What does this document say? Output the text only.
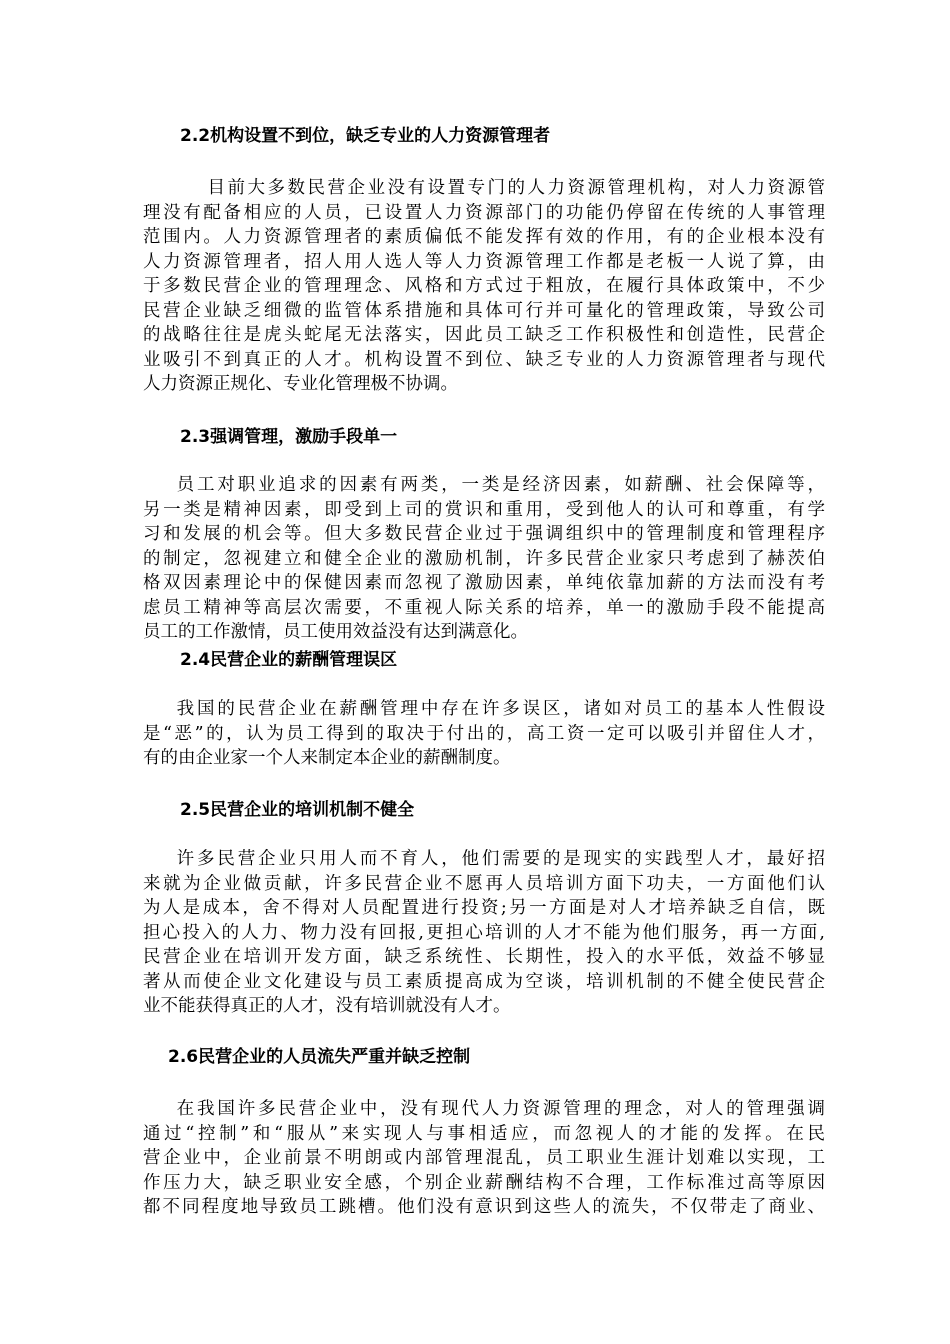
2.2机构设置不到位，缺乏专业的人力资源管理者
目前大多数民营企业没有设置专门的人力资源管理机构，对人力资源管
理没有配备相应的人员，已设置人力资源部门的功能仍停留在传统的人事管理
范围内。人力资源管理者的素质偏低不能发挥有效的作用，有的企业根本没有
人力资源管理者，招人用人选人等人力资源管理工作都是老板一人说了算，由
于多数民营企业的管理理念、风格和方式过于粗放，在履行具体政策中，不少
民营企业缺乏细微的监管体系措施和具体可行并可量化的管理政策，导致公司
的战略往往是虎头蛇尾无法落实，因此员工缺乏工作积极性和创造性，民营企
业吸引不到真正的人才。机构设置不到位、缺乏专业的人力资源管理者与现代
人力资源正规化、专业化管理极不协调。
2.3强调管理，激励手段单一
员工对职业追求的因素有两类，一类是经济因素，如薪酬、社会保障等，
另一类是精神因素，即受到上司的赏识和重用，受到他人的认可和尊重，有学
习和发展的机会等。但大多数民营企业过于强调组织中的管理制度和管理程序
的制定，忽视建立和健全企业的激励机制，许多民营企业家只考虑到了赫茨伯
格双因素理论中的保健因素而忽视了激励因素，单纯依靠加薪的方法而没有考
虑员工精神等高层次需要，不重视人际关系的培养，单一的激励手段不能提高
员工的工作激情，员工使用效益没有达到满意化。
2.4民营企业的薪酬管理误区
我国的民营企业在薪酬管理中存在许多误区，诸如对员工的基本人性假设
是“恶”的，认为员工得到的取决于付出的，高工资一定可以吸引并留住人才，
有的由企业家一个人来制定本企业的薪酬制度。
2.5民营企业的培训机制不健全
许多民营企业只用人而不育人，他们需要的是现实的实践型人才，最好招
来就为企业做贡献，许多民营企业不愿再人员培训方面下功夫，一方面他们认
为人是成本，舍不得对人员配置进行投资;另一方面是对人才培养缺乏自信，既
担心投入的人力、物力没有回报,更担心培训的人才不能为他们服务，再一方面,
民营企业在培训开发方面，缺乏系统性、长期性，投入的水平低，效益不够显
著从而使企业文化建设与员工素质提高成为空谈，培训机制的不健全使民营企
业不能获得真正的人才，没有培训就没有人才。
2.6民营企业的人员流失严重并缺乏控制
在我国许多民营企业中，没有现代人力资源管理的理念，对人的管理强调
通过“控制”和“服从”来实现人与事相适应，而忽视人的才能的发挥。在民
营企业中，企业前景不明朗或内部管理混乱，员工职业生涯计划难以实现，工
作压力大，缺乏职业安全感，个别企业薪酬结构不合理，工作标准过高等原因
都不同程度地导致员工跳槽。他们没有意识到这些人的流失，不仅带走了商业、
